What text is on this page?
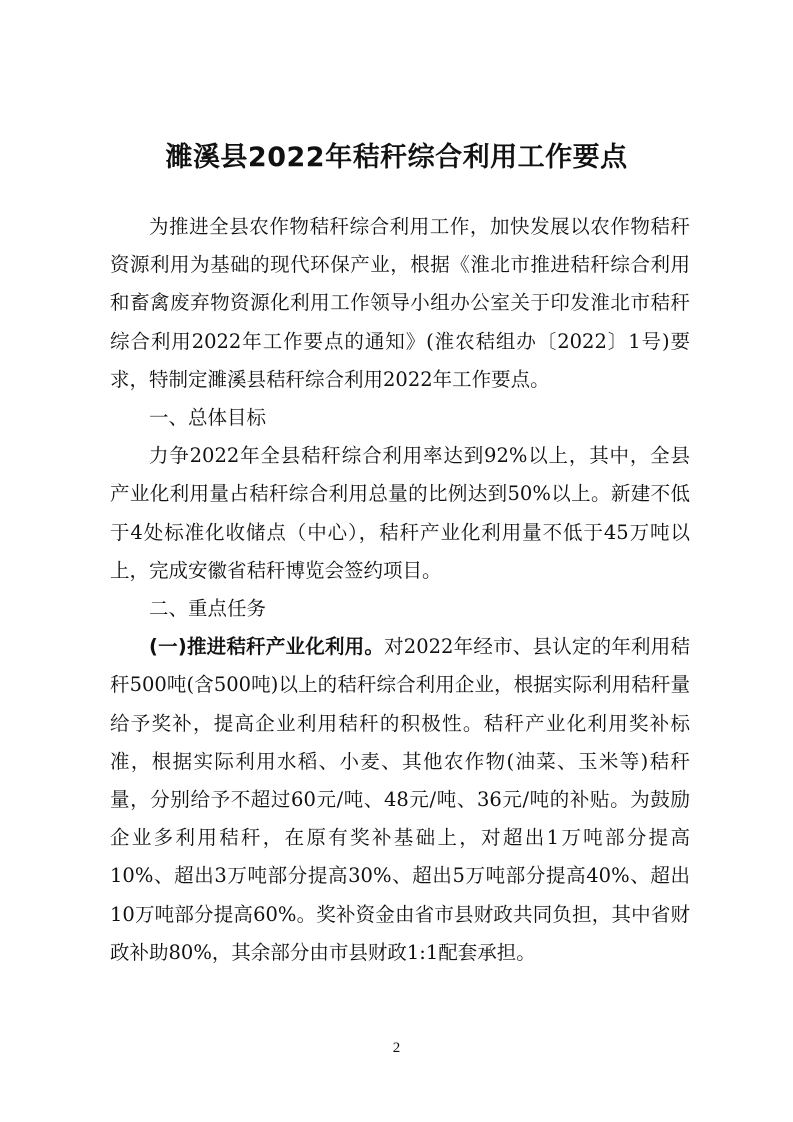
濉溪县2022年秸秆综合利用工作要点

为推进全县农作物秸秆综合利用工作，加快发展以农作物秸秆资源利用为基础的现代环保产业，根据《淮北市推进秸秆综合利用和畜禽废弃物资源化利用工作领导小组办公室关于印发淮北市秸秆综合利用2022年工作要点的通知》(淮农秸组办〔2022〕1号)要求，特制定濉溪县秸秆综合利用2022年工作要点。

一、总体目标

力争2022年全县秸秆综合利用率达到92%以上，其中，全县产业化利用量占秸秆综合利用总量的比例达到50%以上。新建不低于4处标准化收储点（中心），秸秆产业化利用量不低于45万吨以上，完成安徽省秸秆博览会签约项目。

二、重点任务

(一)推进秸秆产业化利用。对2022年经市、县认定的年利用秸秆500吨(含500吨)以上的秸秆综合利用企业，根据实际利用秸秆量给予奖补，提高企业利用秸秆的积极性。秸秆产业化利用奖补标准，根据实际利用水稻、小麦、其他农作物(油菜、玉米等)秸秆量，分别给予不超过60元/吨、48元/吨、36元/吨的补贴。为鼓励企业多利用秸秆，在原有奖补基础上，对超出1万吨部分提高10%、超出3万吨部分提高30%、超出5万吨部分提高40%、超出10万吨部分提高60%。奖补资金由省市县财政共同负担，其中省财政补助80%，其余部分由市县财政1:1配套承担。

2
